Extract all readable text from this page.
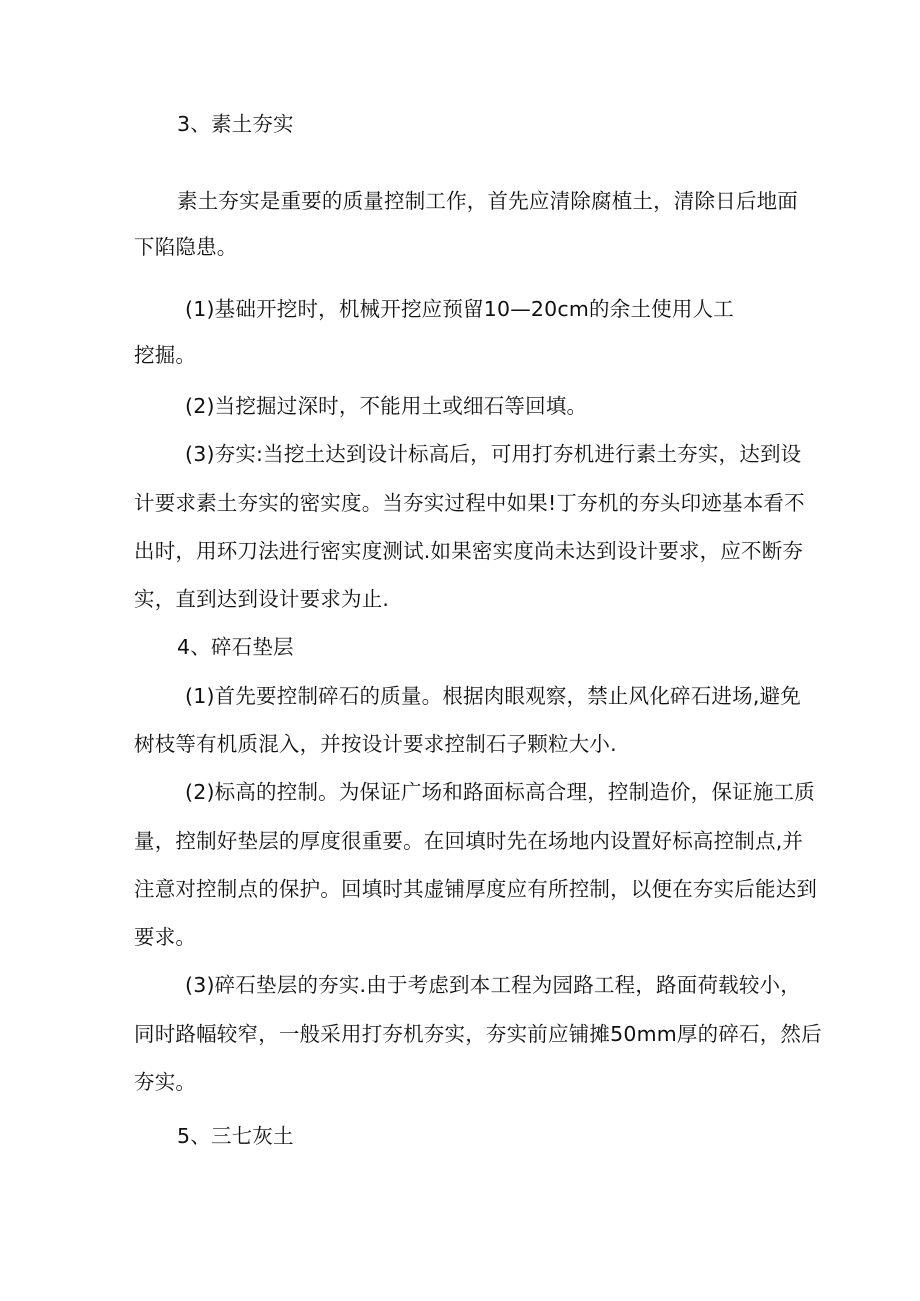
3、素土夯实
素土夯实是重要的质量控制工作，首先应清除腐植土，清除日后地面
下陷隐患。
(1)基础开挖时，机械开挖应预留10—20cm的余土使用人工
挖掘。
(2)当挖掘过深时，不能用土或细石等回填。
(3)夯实:当挖土达到设计标高后，可用打夯机进行素土夯实，达到设
计要求素土夯实的密实度。当夯实过程中如果!丁夯机的夯头印迹基本看不
出时，用环刀法进行密实度测试.如果密实度尚未达到设计要求，应不断夯
实，直到达到设计要求为止.
4、碎石垫层
(1)首先要控制碎石的质量。根据肉眼观察，禁止风化碎石进场,避免
树枝等有机质混入，并按设计要求控制石子颗粒大小.
(2)标高的控制。为保证广场和路面标高合理，控制造价，保证施工质
量，控制好垫层的厚度很重要。在回填时先在场地内设置好标高控制点,并
注意对控制点的保护。回填时其虚铺厚度应有所控制，以便在夯实后能达到
要求。
(3)碎石垫层的夯实.由于考虑到本工程为园路工程，路面荷载较小，
同时路幅较窄，一般采用打夯机夯实，夯实前应铺摊50mm厚的碎石，然后
夯实。
5、三七灰土
